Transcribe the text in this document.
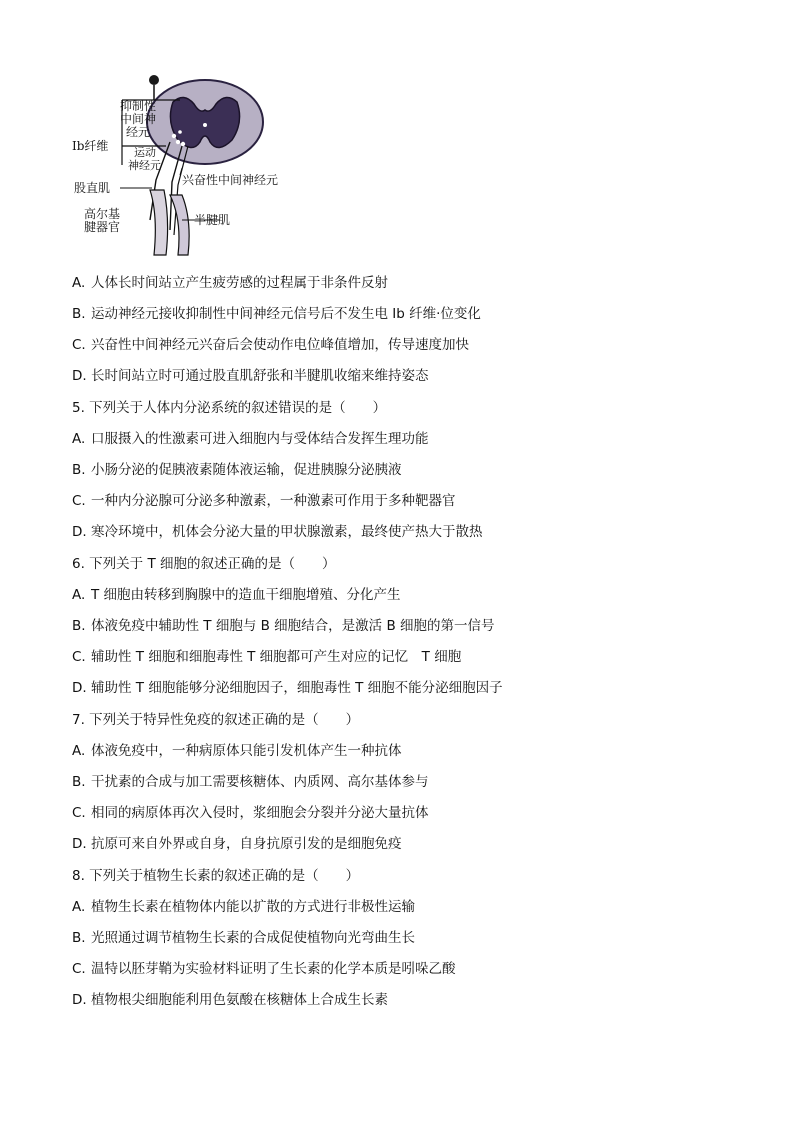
抑制性
中间神
经元
Ib纤维	运动
神经元
兴奋性中间神经元
股直肌
高尔基
腱器官	半腱肌
A. 人体长时间站立产生疲劳感的过程属于非条件反射
B. 运动神经元接收抑制性中间神经元信号后不发生电 Ib 纤维·位变化
C. 兴奋性中间神经元兴奋后会使动作电位峰值增加，传导速度加快
D. 长时间站立时可通过股直肌舒张和半腱肌收缩来维持姿态
5. 下列关于人体内分泌系统的叙述错误的是（　　）
A. 口服摄入的性激素可进入细胞内与受体结合发挥生理功能
B. 小肠分泌的促胰液素随体液运输，促进胰腺分泌胰液
C. 一种内分泌腺可分泌多种激素，一种激素可作用于多种靶器官
D. 寒冷环境中，机体会分泌大量的甲状腺激素，最终使产热大于散热
6. 下列关于 T 细胞的叙述正确的是（　　）
A. T 细胞由转移到胸腺中的造血干细胞增殖、分化产生
B. 体液免疫中辅助性 T 细胞与 B 细胞结合，是激活 B 细胞的第一信号
C. 辅助性 T 细胞和细胞毒性 T 细胞都可产生对应的记忆　T 细胞
D. 辅助性 T 细胞能够分泌细胞因子，细胞毒性 T 细胞不能分泌细胞因子
7. 下列关于特异性免疫的叙述正确的是（　　）
A. 体液免疫中，一种病原体只能引发机体产生一种抗体
B. 干扰素的合成与加工需要核糖体、内质网、高尔基体参与
C. 相同的病原体再次入侵时，浆细胞会分裂并分泌大量抗体
D. 抗原可来自外界或自身，自身抗原引发的是细胞免疫
8. 下列关于植物生长素的叙述正确的是（　　）
A. 植物生长素在植物体内能以扩散的方式进行非极性运输
B. 光照通过调节植物生长素的合成促使植物向光弯曲生长
C. 温特以胚芽鞘为实验材料证明了生长素的化学本质是吲哚乙酸
D. 植物根尖细胞能利用色氨酸在核糖体上合成生长素
